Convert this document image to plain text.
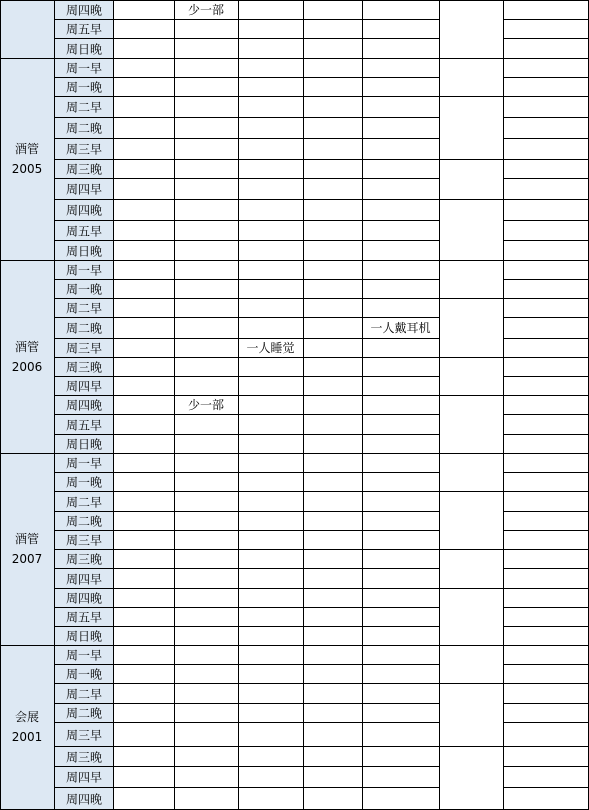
周四晚
周五早
周日晚
少一部
酒管
2005
周一早
周一晚
周二早
周二晚
周三早
周三晚
周四早
周四晚
周五早
周日晚
酒管
2006
周一早
周一晚
周二早
周二晚
周三早
周三晚
周四早
周四晚
周五早
周日晚
一人戴耳机
一人睡觉
少一部
酒管
2007
周一早
周一晚
周二早
周二晚
周三早
周三晚
周四早
周四晚
周五早
周日晚
会展
2001
周一早
周一晚
周二早
周二晚
周三早
周三晚
周四早
周四晚
